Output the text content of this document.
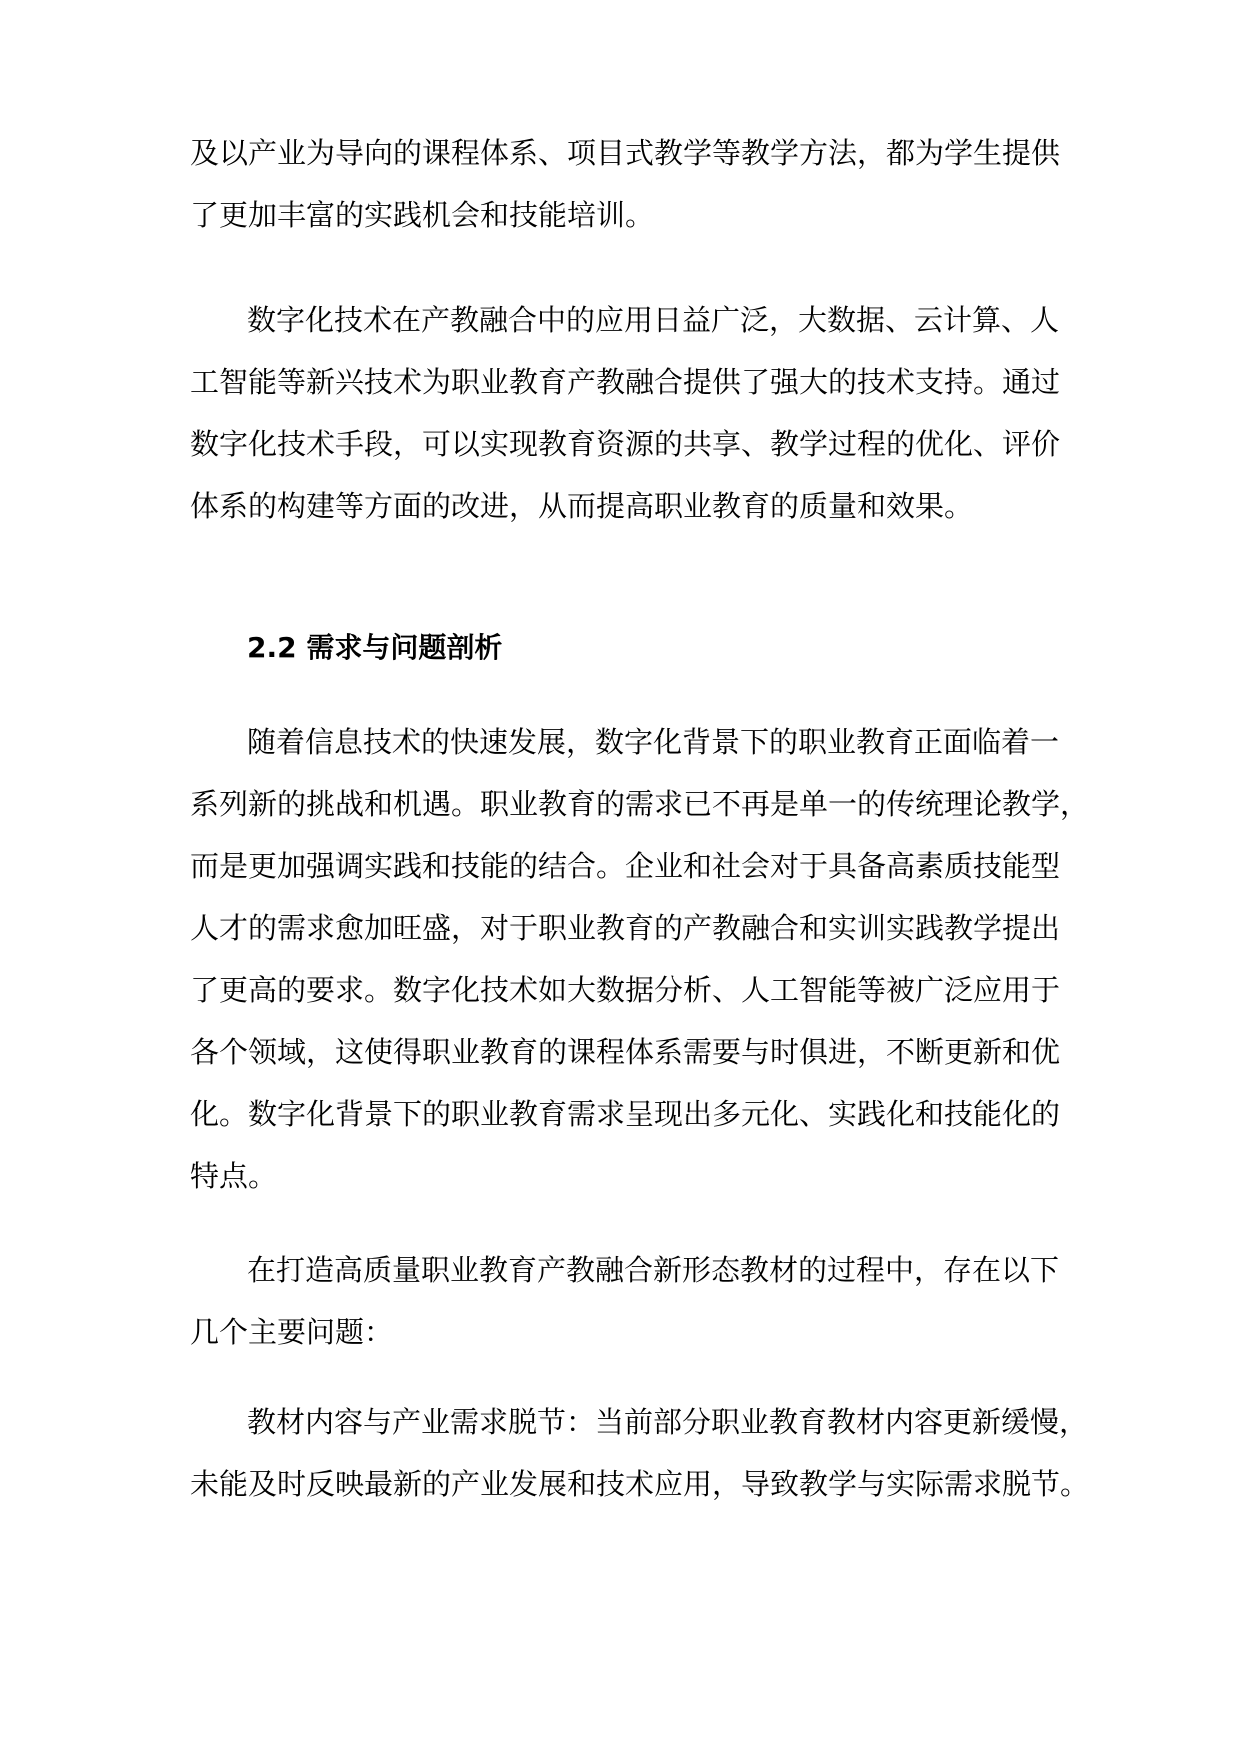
及以产业为导向的课程体系、项目式教学等教学方法，都为学生提供
了更加丰富的实践机会和技能培训。
数字化技术在产教融合中的应用日益广泛，大数据、云计算、人
工智能等新兴技术为职业教育产教融合提供了强大的技术支持。通过
数字化技术手段，可以实现教育资源的共享、教学过程的优化、评价
体系的构建等方面的改进，从而提高职业教育的质量和效果。
2.2 需求与问题剖析
随着信息技术的快速发展，数字化背景下的职业教育正面临着一
系列新的挑战和机遇。职业教育的需求已不再是单一的传统理论教学，
而是更加强调实践和技能的结合。企业和社会对于具备高素质技能型
人才的需求愈加旺盛，对于职业教育的产教融合和实训实践教学提出
了更高的要求。数字化技术如大数据分析、人工智能等被广泛应用于
各个领域，这使得职业教育的课程体系需要与时俱进，不断更新和优
化。数字化背景下的职业教育需求呈现出多元化、实践化和技能化的
特点。
在打造高质量职业教育产教融合新形态教材的过程中，存在以下
几个主要问题：
教材内容与产业需求脱节：当前部分职业教育教材内容更新缓慢，
未能及时反映最新的产业发展和技术应用，导致教学与实际需求脱节。
